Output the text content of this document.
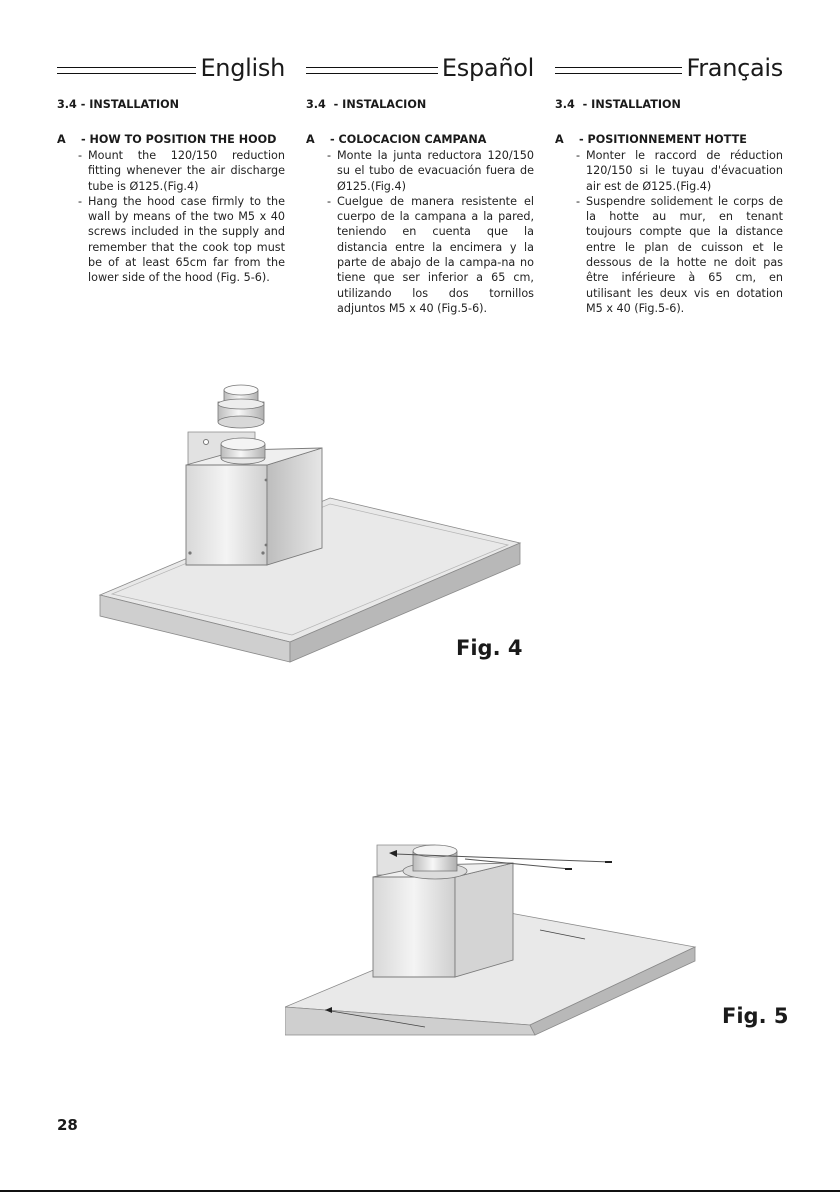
English
3.4 -
INSTALLATION
A	- HOW TO POSITION THE HOOD
- Mount the 120/150 reduction fitting whenever the air discharge tube is Ø125.(Fig.4)
- Hang the hood case firmly to the wall by means of the two M5 x 40 screws included in the supply and remember that the cook top must be of at least 65cm far from the lower side of the hood (Fig. 5-6).
Español
3.4  -
INSTALACION
A	- COLOCACION CAMPANA
- Monte la junta reductora 120/150 su el tubo de evacuación fuera de Ø125.(Fig.4)
- Cuelgue de manera resistente el cuerpo de la campana a la pared, teniendo en cuenta que la distancia entre la encimera y la parte de abajo de la campa-na no tiene que ser inferior a 65 cm, utilizando los dos tornillos adjuntos M5 x 40 (Fig.5-6).
Français
3.4  -
INSTALLATION
A	- POSITIONNEMENT HOTTE
- Monter le raccord de réduction 120/150 si le tuyau d'évacuation air est de Ø125.(Fig.4)
- Suspendre solidement le corps de la hotte au mur, en tenant toujours compte que la distance entre le plan de cuisson et le dessous de la hotte ne doit pas être inférieure à 65 cm, en utilisant les deux vis en dotation M5 x 40 (Fig.5-6).
Fig. 4
Fig. 5
28
